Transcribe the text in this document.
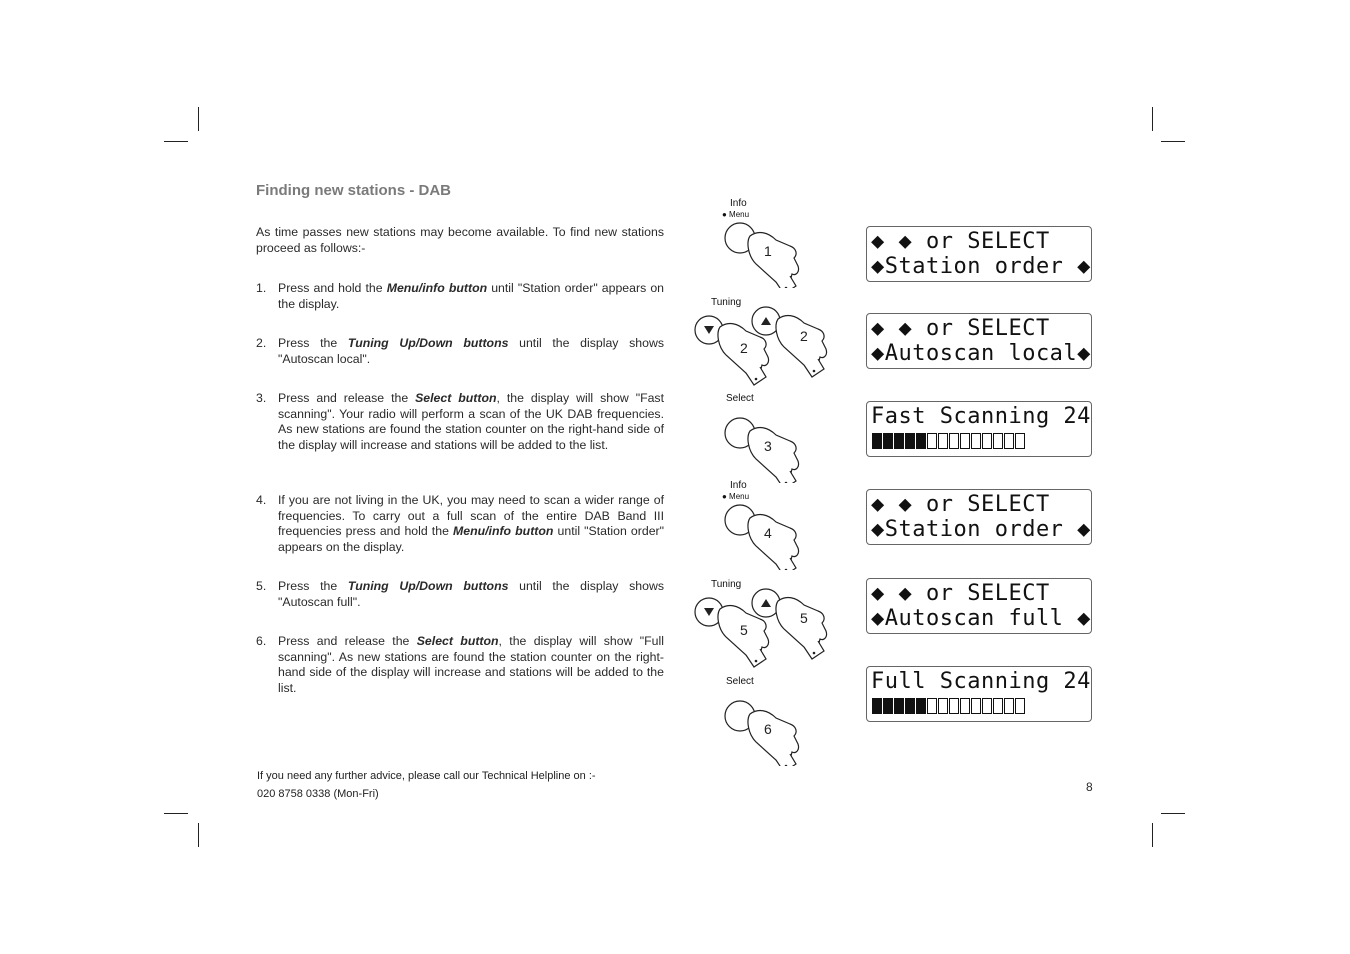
Finding new stations - DAB
As time passes new stations may become available. To find new stations proceed as follows:-
1. Press and hold the Menu/info button until "Station order" appears on the display.
2. Press the Tuning Up/Down buttons until the display shows "Autoscan local".
3. Press and release the Select button, the display will show "Fast scanning". Your radio will perform a scan of the UK DAB frequencies. As new stations are found the station counter on the right-hand side of the display will increase and stations will be added to the list.
4. If you are not living in the UK, you may need to scan a wider range of frequencies. To carry out a full scan of the entire DAB Band III frequencies press and hold the Menu/info button until "Station order" appears on the display.
5. Press the Tuning Up/Down buttons until the display shows "Autoscan full".
6. Press and release the Select button, the display will show "Full scanning". As new stations are found the station counter on the right-hand side of the display will increase and stations will be added to the list.
If you need any further advice, please call our Technical Helpline on :-
020 8758 0338 (Mon-Fri)	8
1
Info
● Menu
2
2
Tuning
3
Select
4
Info
● Menu
5
5
Tuning
6
Select
◆ ◆ or SELECT
◆Station order ◆
◆ ◆ or SELECT
◆Autoscan local◆
Fast Scanning 24
◆ ◆ or SELECT
◆Station order ◆
◆ ◆ or SELECT
◆Autoscan full ◆
Full Scanning 24
